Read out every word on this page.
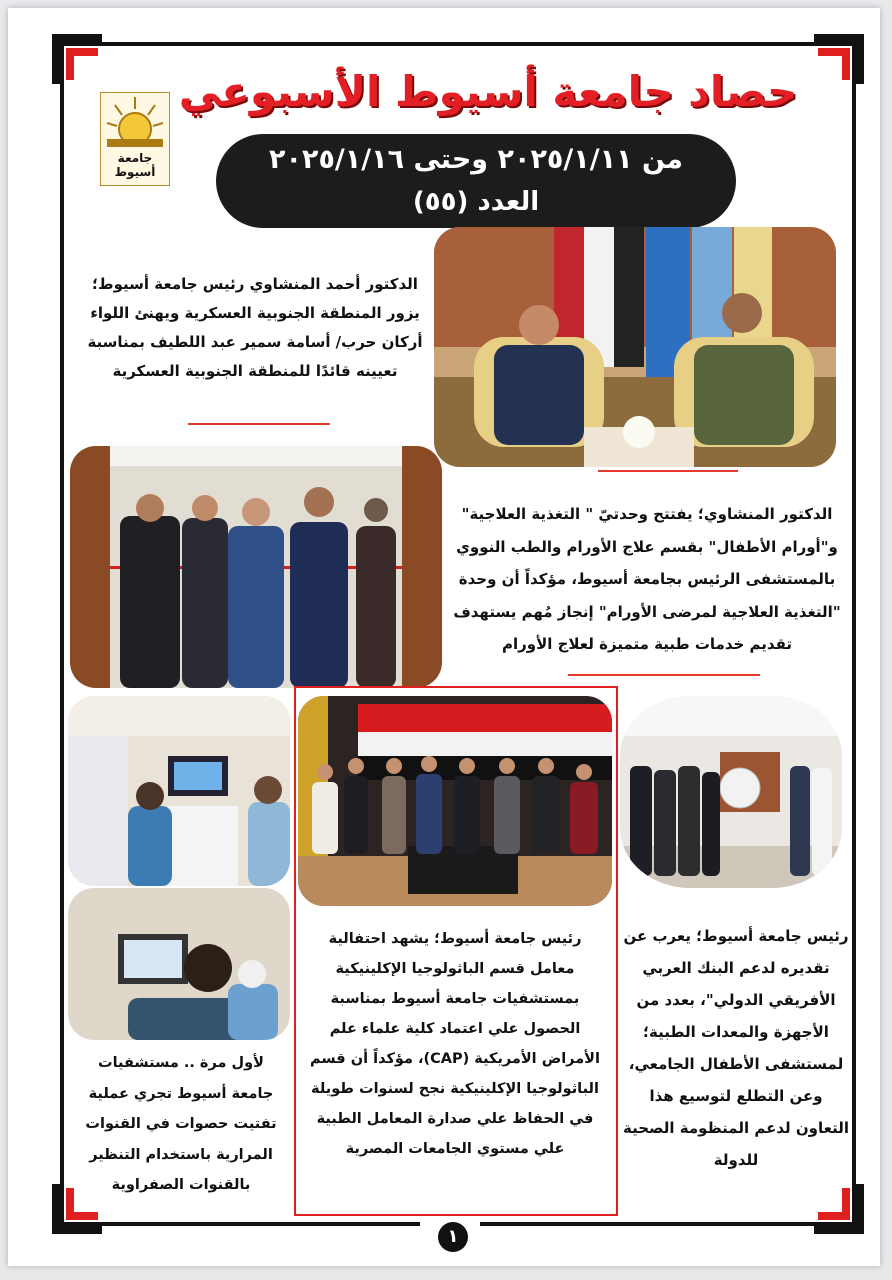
حصاد جامعة أسيوط الأسبوعي
جامعة أسيوط	من ٢٠٢٥/١/١١ وحتى ٢٠٢٥/١/١٦
العدد (٥٥)
الدكتور أحمد المنشاوي رئيس جامعة أسيوط؛ يزور المنطقة الجنوبية العسكرية ويهنئ اللواء أركان حرب/ أسامة سمير عبد اللطيف بمناسبة تعيينه قائدًا للمنطقة الجنوبية العسكرية
الدكتور المنشاوي؛ يفتتح وحدتيّ " التغذية العلاجية" و"أورام الأطفال" بقسم علاج الأورام والطب النووي بالمستشفى الرئيس بجامعة أسيوط، مؤكداً أن وحدة "التغذية العلاجية لمرضى الأورام" إنجاز مُهم يستهدف تقديم خدمات طبية متميزة لعلاج الأورام
رئيس جامعة أسيوط؛ يعرب عن تقديره لدعم البنك العربي الأفريقي الدولي"، بعدد من الأجهزة والمعدات الطبية؛ لمستشفى الأطفال الجامعي، وعن التطلع لتوسيع هذا التعاون لدعم المنظومة الصحية للدولة
رئيس جامعة أسيوط؛ يشهد احتفالية معامل قسم الباثولوجيا الإكلينيكية بمستشفيات جامعة أسيوط بمناسبة الحصول علي اعتماد كلية علماء علم الأمراض الأمريكية (CAP)، مؤكداً أن قسم الباثولوجيا الإكلينيكية نجح لسنوات طويلة في الحفاظ علي صدارة المعامل الطبية علي مستوي الجامعات المصرية
لأول مرة .. مستشفيات جامعة أسيوط تجري عملية تفتيت حصوات في القنوات المرارية باستخدام التنظير بالقنوات الصفراوية
١
